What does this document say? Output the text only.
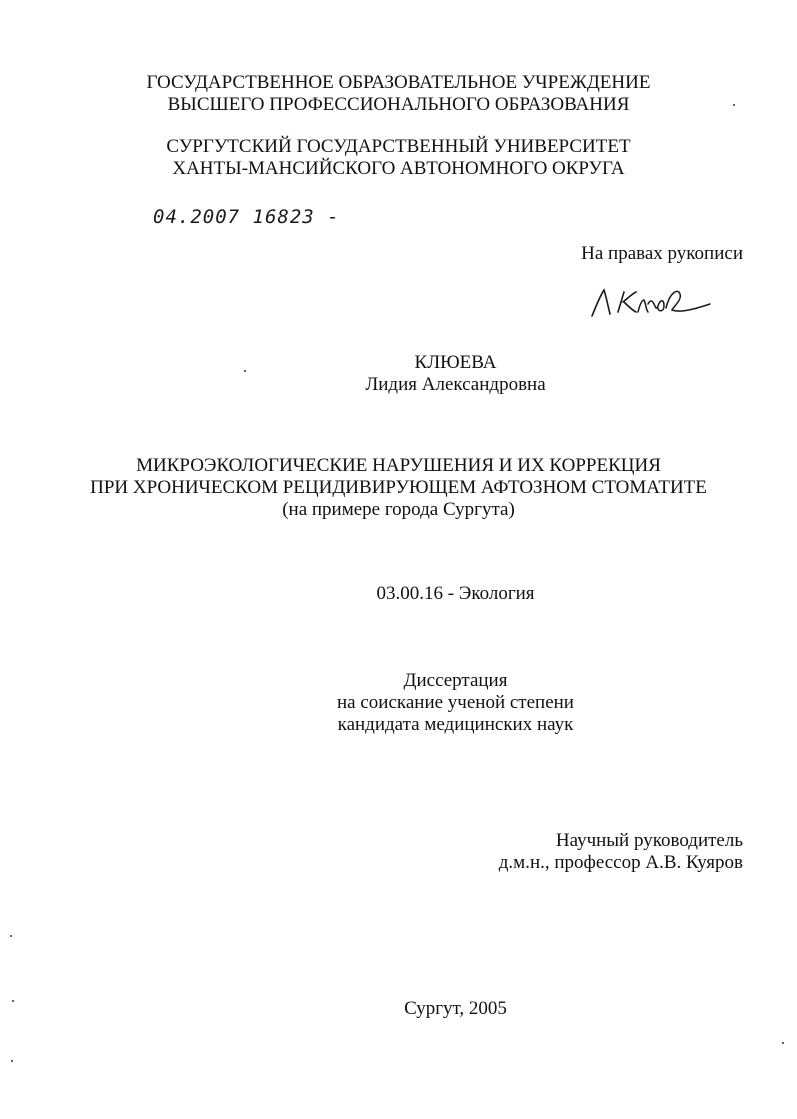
ГОСУДАРСТВЕННОЕ ОБРАЗОВАТЕЛЬНОЕ УЧРЕЖДЕНИЕ
ВЫСШЕГО ПРОФЕССИОНАЛЬНОГО ОБРАЗОВАНИЯ
СУРГУТСКИЙ ГОСУДАРСТВЕННЫЙ УНИВЕРСИТЕТ
ХАНТЫ-МАНСИЙСКОГО АВТОНОМНОГО ОКРУГА
04.2007 16823 -
На правах рукописи
КЛЮЕВА
Лидия Александровна
МИКРОЭКОЛОГИЧЕСКИЕ НАРУШЕНИЯ И ИХ КОРРЕКЦИЯ
ПРИ ХРОНИЧЕСКОМ РЕЦИДИВИРУЮЩЕМ АФТОЗНОМ СТОМАТИТЕ
(на примере города Сургута)
03.00.16 - Экология
Диссертация
на соискание ученой степени
кандидата медицинских наук
Научный руководитель
д.м.н., профессор А.В. Куяров
Сургут, 2005
